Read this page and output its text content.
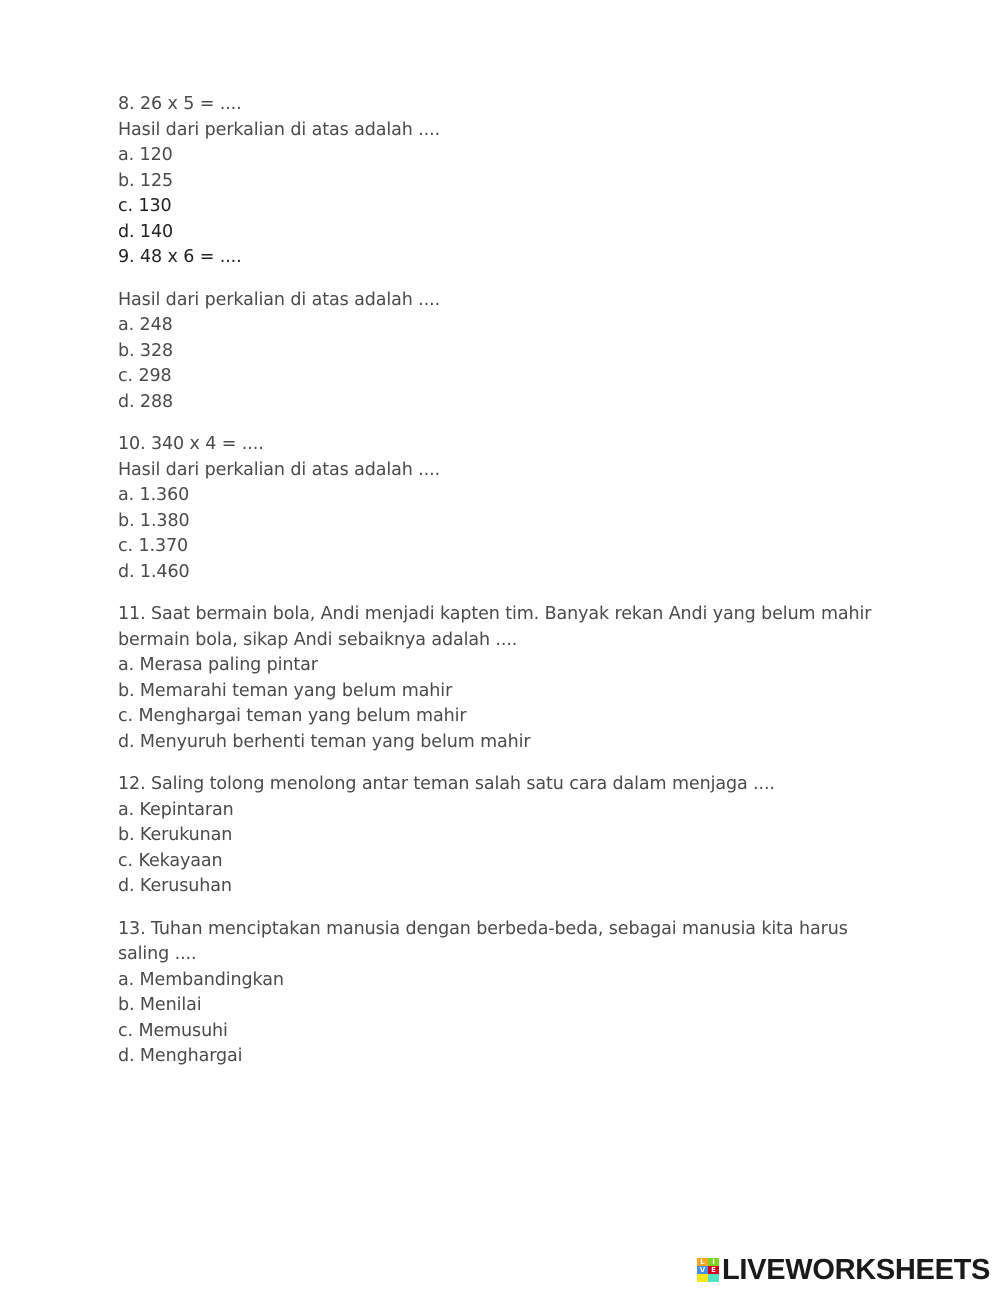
8. 26 x 5 = ....
Hasil dari perkalian di atas adalah ....
a. 120
b. 125
c. 130
d. 140
9. 48 x 6 = ....
Hasil dari perkalian di atas adalah ....
a. 248
b. 328
c. 298
d. 288
10. 340 x 4 = ....
Hasil dari perkalian di atas adalah ....
a. 1.360
b. 1.380
c. 1.370
d. 1.460
11. Saat bermain bola, Andi menjadi kapten tim. Banyak rekan Andi yang belum mahir
bermain bola, sikap Andi sebaiknya adalah ....
a. Merasa paling pintar
b. Memarahi teman yang belum mahir
c. Menghargai teman yang belum mahir
d. Menyuruh berhenti teman yang belum mahir
12. Saling tolong menolong antar teman salah satu cara dalam menjaga ....
a. Kepintaran
b. Kerukunan
c. Kekayaan
d. Kerusuhan
13. Tuhan menciptakan manusia dengan berbeda-beda, sebagai manusia kita harus
saling ....
a. Membandingkan
b. Menilai
c. Memusuhi
d. Menghargai
L	I
V E LIVEWORKSHEETS
